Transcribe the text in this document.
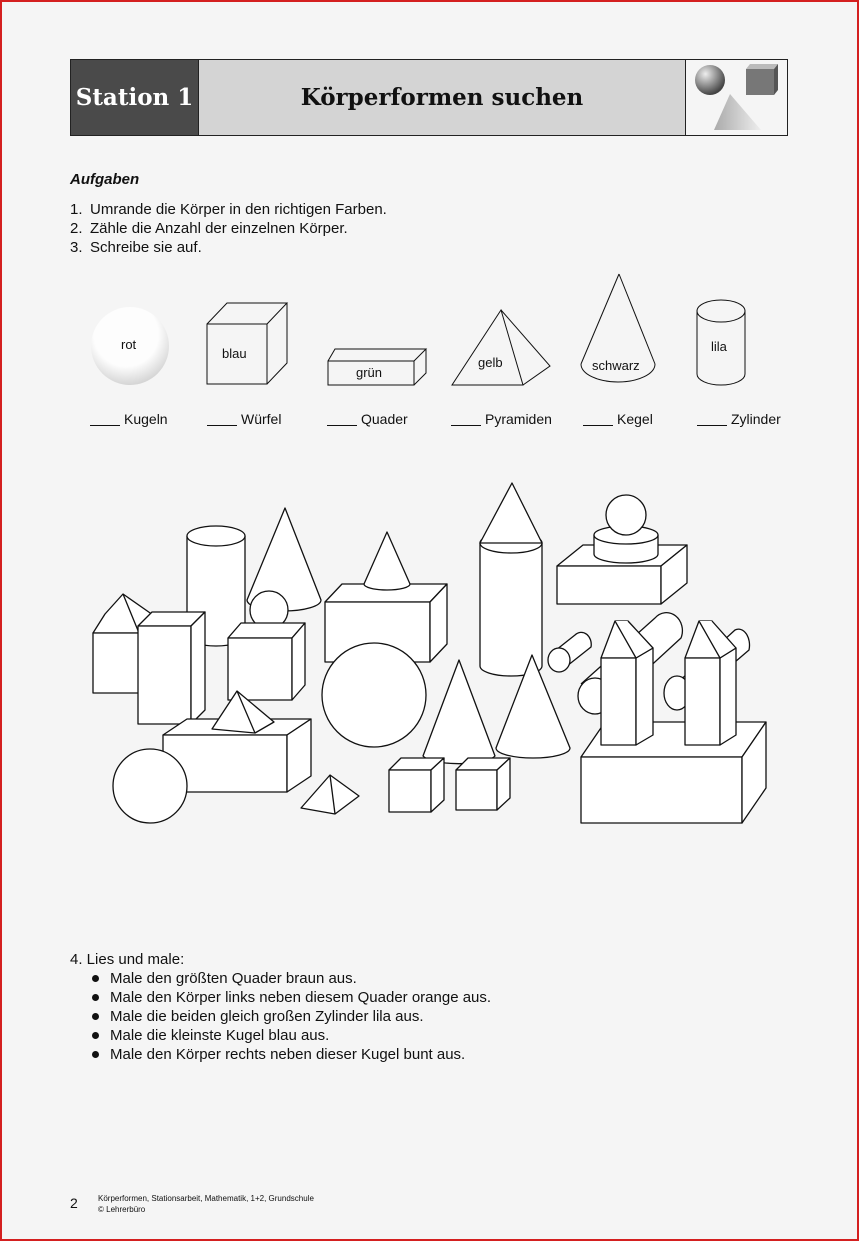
Station 1	Körperformen suchen
Aufgaben
1. Umrande die Körper in den richtigen Farben.
2. Zähle die Anzahl der einzelnen Körper.
3. Schreibe sie auf.
rot
blau
grün
gelb	schwarz
lila
Kugeln	Würfel	Quader	Pyramiden	Kegel	Zylinder
4. Lies und male:
Male den größten Quader braun aus.
Male den Körper links neben diesem Quader orange aus.
Male die beiden gleich großen Zylinder lila aus.
Male die kleinste Kugel blau aus.
Male den Körper rechts neben dieser Kugel bunt aus.
2	Körperformen, Stationsarbeit, Mathematik, 1+2, Grundschule
© Lehrerbüro
